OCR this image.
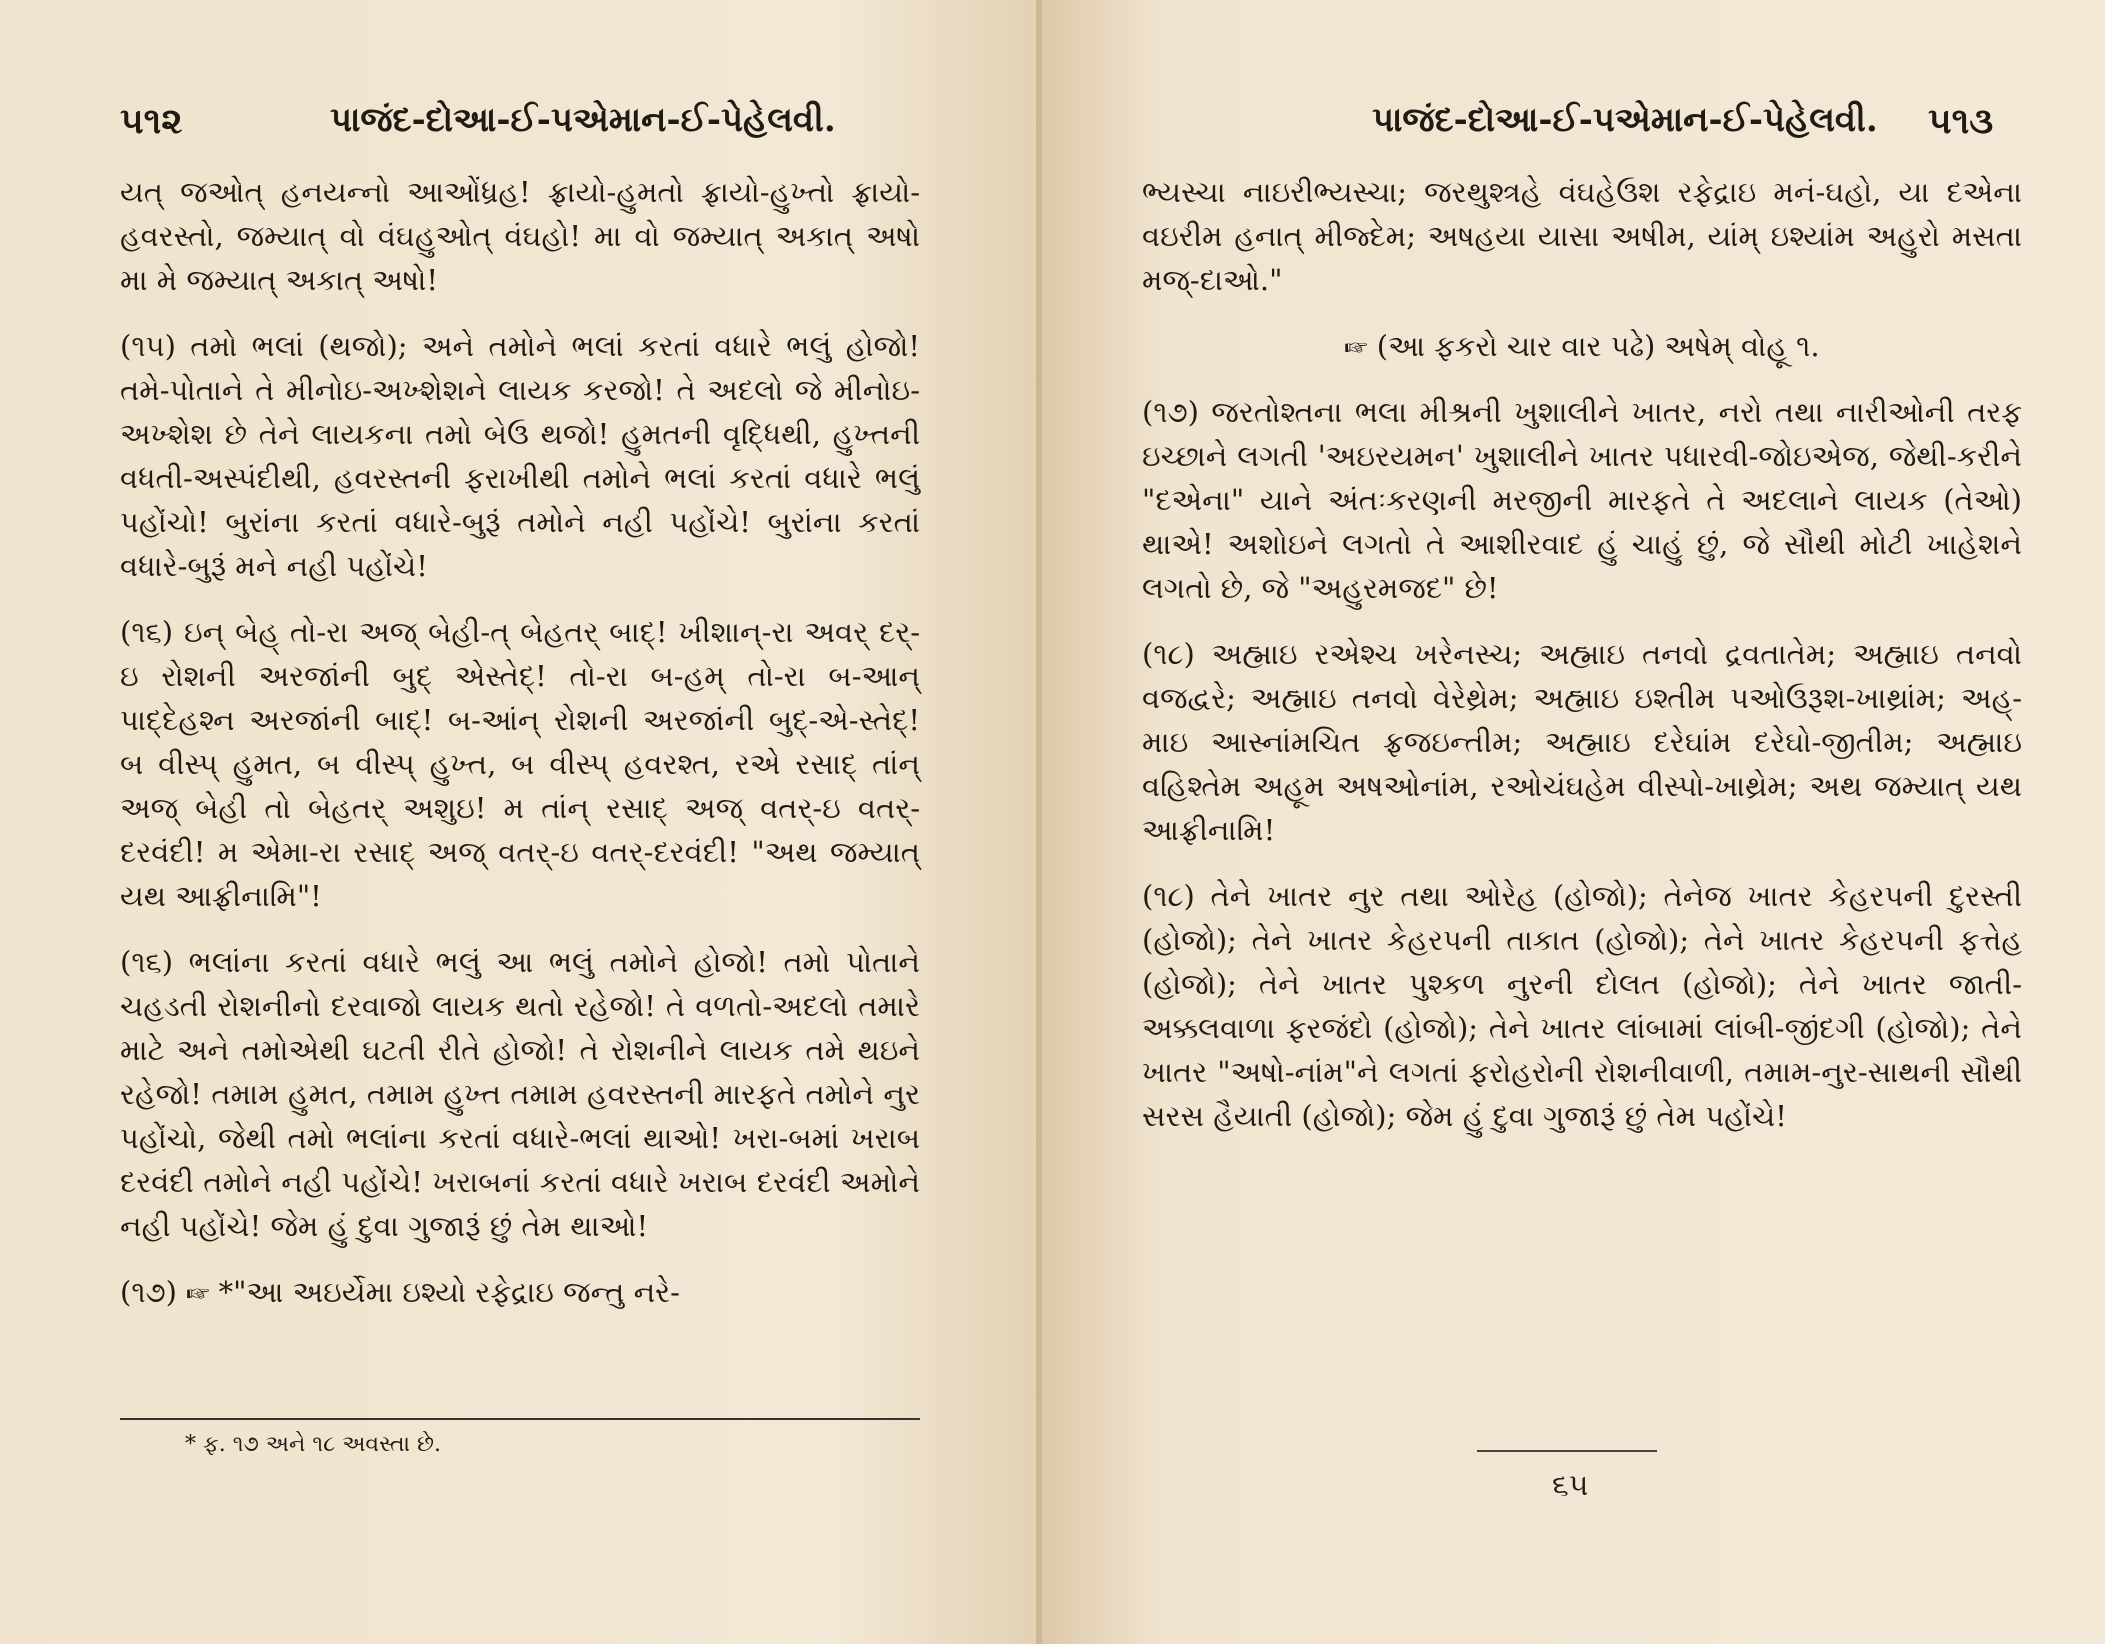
૫૧૨	પાજંદ-દોઆ-ઈ-પએમાન-ઈ-પેહેલવી.

યત્ જઓત્ હનયન્નો આઓંધ્રહ! ફ્રાયો-હુમતો ફ્રાયો-હુખ્તો ફ્રાયો-હવરસ્તો, જમ્યાત્ વો વંઘહુઓત્ વંઘહો! મા વો જમ્યાત્ અકાત્ અષો મા મે જમ્યાત્ અકાત્ અષો!

(૧૫) તમો ભલાં (થજો); અને તમોને ભલાં કરતાં વધારે ભલું હોજો! તમે-પોતાને તે મીનોઇ-અખ્શેશને લાયક કરજો! તે અદલો જે મીનોઇ-અખ્શેશ છે તેને લાયકના તમો બેઉ થજો! હુમતની વૃદ્ધિથી, હુખ્તની વધતી-અસ્પંદીથી, હવરસ્તની ફરાખીથી તમોને ભલાં કરતાં વધારે ભલું પહોંચો! બુરાંના કરતાં વધારે-બુરૂં તમોને નહી પહોંચે! બુરાંના કરતાં વધારે-બુરૂં મને નહી પહોંચે!

(૧૬) ઇન્ બેહ્ તો-રા અજ્ બેહી-ત્ બેહતર્ બાદ્! ખીશાન્-રા અવર્ દર્-ઇ રોશની અરજાંની બુદ્ એસ્તેદ્! તો-રા બ-હમ્ તો-રા બ-આન્ પાદ્દેહશ્ન અરજાંની બાદ્! બ-આંન્ રોશની અરજાંની બુદ્-એ-સ્તેદ્! બ વીસ્પ્ હુમત, બ વીસ્પ્ હુખ્ત, બ વીસ્પ્ હવરશ્ત, રએ રસાદ્ તાંન્ અજ્ બેહી તો બેહતર્ અશુઇ! મ તાંન્ રસાદ્ અજ્ વતર્-ઇ વતર્-દરવંદી! મ એમા-રા રસાદ્ અજ્ વતર્-ઇ વતર્-દરવંદી! "અથ જમ્યાત્ યથ આફ્રીનામિ"!

(૧૬) ભલાંના કરતાં વધારે ભલું આ ભલું તમોને હોજો! તમો પોતાને ચહડતી રોશનીનો દરવાજો લાયક થતો રહેજો! તે વળતો-અદલો તમારે માટે અને તમોએથી ઘટતી રીતે હોજો! તે રોશનીને લાયક તમે થઇને રહેજો! તમામ હુમત, તમામ હુખ્ત તમામ હવરસ્તની મારફતે તમોને નુર પહોંચો, જેથી તમો ભલાંના કરતાં વધારે-ભલાં થાઓ! ખરા-બમાં ખરાબ દરવંદી તમોને નહી પહોંચે! ખરાબનાં કરતાં વધારે ખરાબ દરવંદી અમોને નહી પહોંચે! જેમ હું દુવા ગુજારૂં છું તેમ થાઓ!

(૧૭) ☞ *"આ અઇર્યેમા ઇશ્યો રફેદ્રાઇ જન્તુ નરે-

* ફ. ૧૭ અને ૧૮ અવસ્તા છે.
પાજંદ-દોઆ-ઈ-પએમાન-ઈ-પેહેલવી. ૫૧૩

ભ્યસ્ચા નાઇરીભ્યસ્ચા; જરથુશ્ત્રહે વંઘહેઉશ રફેદ્રાઇ મનં-ઘહો, યા દએના વઇરીમ હનાત્ મીજ્દેમ; અષહયા યાસા અષીમ, યાંમ્ ઇશ્યાંમ અહુરો મસતા મજ્-દાઓ."

☞ (આ ફકરો ચાર વાર પઢે) અષેમ્ વોહૂ ૧.

(૧૭) જરતોશ્તના ભલા મીશ્રની ખુશાલીને ખાતર, નરો તથા નારીઓની તરફ ઇચ્છાને લગતી 'અઇરયમન' ખુશાલીને ખાતર પધારવી-જોઇએજ, જેથી-કરીને "દએના" યાને અંતઃકરણની મરજીની મારફતે તે અદલાને લાયક (તેઓ) થાએ! અશોઇને લગતો તે આશીરવાદ હું ચાહું છું, જે સૌથી મોટી ખાહેશને લગતો છે, જે "અહુરમજદ" છે!

(૧૮) અહ્માઇ રએશ્ચ ખરેનસ્ચ; અહ્માઇ તનવો દ્રવતાતેમ; અહ્માઇ તનવો વજદ્વરે; અહ્માઇ તનવો વેરેથ્રેમ; અહ્માઇ ઇશ્તીમ પઓઉરૂશ-ખાથ્રાંમ; અહ્-માઇ આસ્નાંમચિત ફ્રજઇન્તીમ; અહ્માઇ દરેઘાંમ દરેઘો-જીતીમ; અહ્માઇ વહિશ્તેમ અહૂમ અષઓનાંમ, રઓચંઘહેમ વીસ્પો-ખાથ્રેમ; અથ જમ્યાત્ યથ આફ્રીનામિ!

(૧૮) તેને ખાતર નુર તથા ઓરેહ (હોજો); તેનેજ ખાતર કેહરપની દુરસ્તી (હોજો); તેને ખાતર કેહરપની તાકાત (હોજો); તેને ખાતર કેહરપની ફત્તેહ (હોજો); તેને ખાતર પુશ્કળ નુરની દોલત (હોજો); તેને ખાતર જાતી-અક્કલવાળા ફરજંદો (હોજો); તેને ખાતર લાંબામાં લાંબી-જીંદગી (હોજો); તેને ખાતર "અષો-નાંમ"ને લગતાં ફરોહરોની રોશનીવાળી, તમામ-નુર-સાથની સૌથી સરસ હૈયાતી (હોજો); જેમ હું દુવા ગુજારૂં છું તેમ પહોંચે!

૬૫
